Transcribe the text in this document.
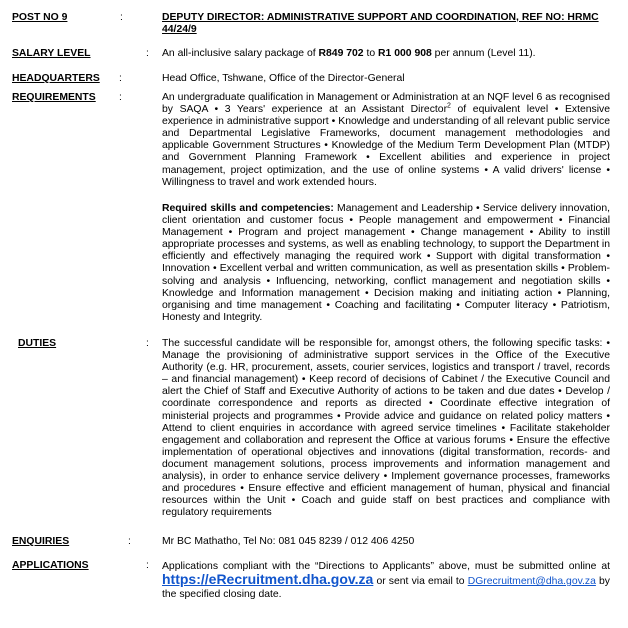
POST NO 9	:	DEPUTY DIRECTOR: ADMINISTRATIVE SUPPORT AND COORDINATION, REF NO: HRMC 44/24/9
SALARY LEVEL	: An all-inclusive salary package of R849 702 to R1 000 908 per annum (Level 11).
HEADQUARTERS :	Head Office, Tshwane, Office of the Director-General
REQUIREMENTS :	An undergraduate qualification in Management or Administration at an NQF level 6 as recognised by SAQA • 3 Years' experience at an Assistant Director$^2$ of equivalent level • Extensive experience in administrative support • Knowledge and understanding of all relevant public service and Departmental Legislative Frameworks, document management methodologies and applicable Government Structures • Knowledge of the Medium Term Development Plan (MTDP) and Government Planning Framework • Excellent abilities and experience in project management, project optimization, and the use of online systems • A valid drivers' license • Willingness to travel and work extended hours.

Required skills and competencies: Management and Leadership • Service delivery innovation, client orientation and customer focus • People management and empowerment • Financial Management • Program and project management • Change management • Ability to instill appropriate processes and systems, as well as enabling technology, to support the Department in efficiently and effectively managing the required work • Support with digital transformation • Innovation • Excellent verbal and written communication, as well as presentation skills • Problem-solving and analysis • Influencing, networking, conflict management and negotiation skills • Knowledge and Information management • Decision making and initiating action • Planning, organising and time management • Coaching and facilitating • Computer literacy • Patriotism, Honesty and Integrity.
DUTIES	: The successful candidate will be responsible for, amongst others, the following specific tasks: • Manage the provisioning of administrative support services in the Office of the Executive Authority (e.g. HR, procurement, assets, courier services, logistics and transport / travel, records – and financial management) • Keep record of decisions of Cabinet / the Executive Council and alert the Chief of Staff and Executive Authority of actions to be taken and due dates • Develop / coordinate correspondence and reports as directed • Coordinate effective integration of ministerial projects and programmes • Provide advice and guidance on related policy matters • Attend to client enquiries in accordance with agreed service timelines • Facilitate stakeholder engagement and collaboration and represent the Office at various forums • Ensure the effective implementation of operational objectives and innovations (digital transformation, records- and document management solutions, process improvements and information management and analysis), in order to enhance service delivery • Implement governance processes, frameworks and procedures • Ensure effective and efficient management of human, physical and financial resources within the Unit • Coach and guide staff on best practices and compliance with regulatory requirements
ENQUIRIES	:	Mr BC Mathatho, Tel No: 081 045 8239 / 012 406 4250
APPLICATIONS	: Applications compliant with the “Directions to Applicants” above, must be submitted online at https://eRecruitment.dha.gov.za or sent via email to DGrecruitment@dha.gov.za by the specified closing date.
